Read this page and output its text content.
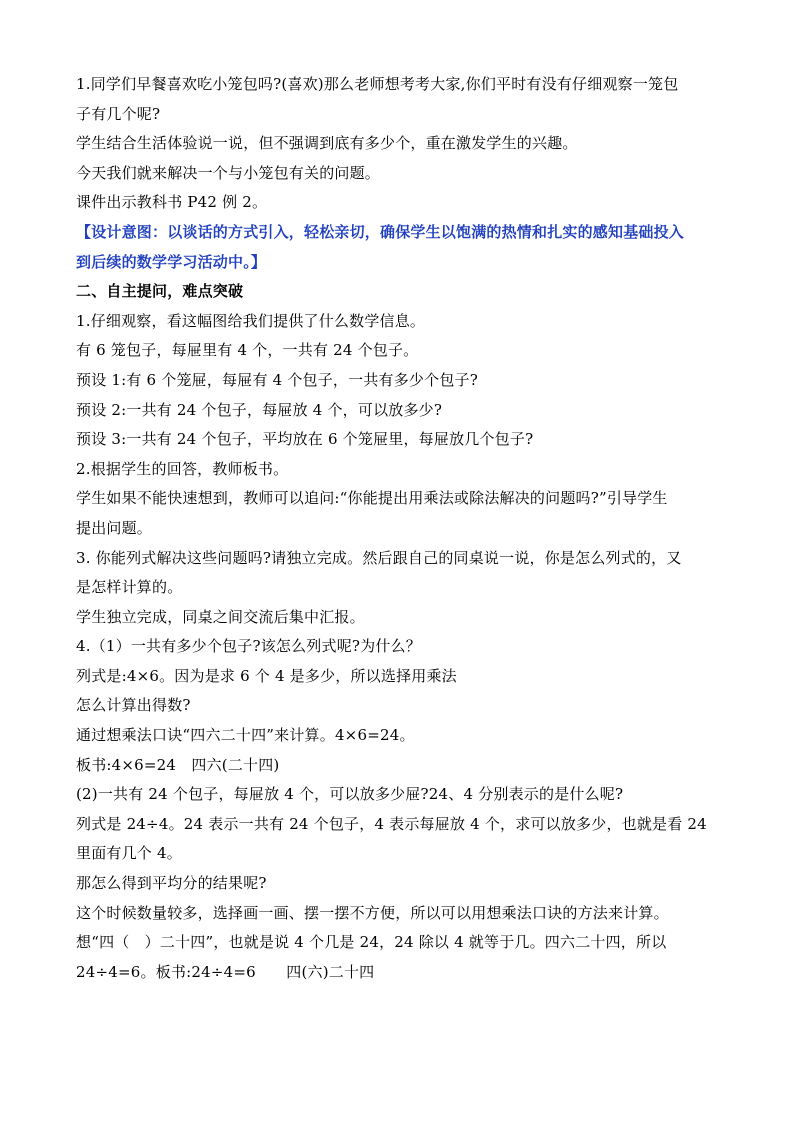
1.同学们早餐喜欢吃小笼包吗?(喜欢)那么老师想考考大家,你们平时有没有仔细观察一笼包
子有几个呢?
学生结合生活体验说一说，但不强调到底有多少个，重在激发学生的兴趣。
今天我们就来解决一个与小笼包有关的问题。
课件出示教科书 P42 例 2。
【设计意图：以谈话的方式引入，轻松亲切，确保学生以饱满的热情和扎实的感知基础投入
到后续的数学学习活动中。】
二、自主提问，难点突破
1.仔细观察，看这幅图给我们提供了什么数学信息。
有 6 笼包子，每屉里有 4 个，一共有 24 个包子。
预设 1:有 6 个笼屉，每屉有 4 个包子，一共有多少个包子?
预设 2:一共有 24 个包子，每屉放 4 个，可以放多少?
预设 3:一共有 24 个包子，平均放在 6 个笼屉里，每屉放几个包子?
2.根据学生的回答，教师板书。
学生如果不能快速想到，教师可以追问:“你能提出用乘法或除法解决的问题吗?”引导学生
提出问题。
3. 你能列式解决这些问题吗?请独立完成。然后跟自己的同桌说一说，你是怎么列式的，又
是怎样计算的。
学生独立完成，同桌之间交流后集中汇报。
4.（1）一共有多少个包子?该怎么列式呢?为什么？
列式是:4×6。因为是求 6 个 4 是多少，所以选择用乘法
怎么计算出得数?
通过想乘法口诀“四六二十四”来计算。4×6=24。
板书:4×6=24　四六(二十四)
(2)一共有 24 个包子，每屉放 4 个，可以放多少屉?24、4 分别表示的是什么呢?
列式是 24÷4。24 表示一共有 24 个包子，4 表示每屉放 4 个，求可以放多少，也就是看 24
里面有几个 4。
那怎么得到平均分的结果呢?
这个时候数量较多，选择画一画、摆一摆不方便，所以可以用想乘法口诀的方法来计算。
想“四（　）二十四”，也就是说 4 个几是 24，24 除以 4 就等于几。四六二十四，所以
24÷4=6。板书:24÷4=6　　四(六)二十四
